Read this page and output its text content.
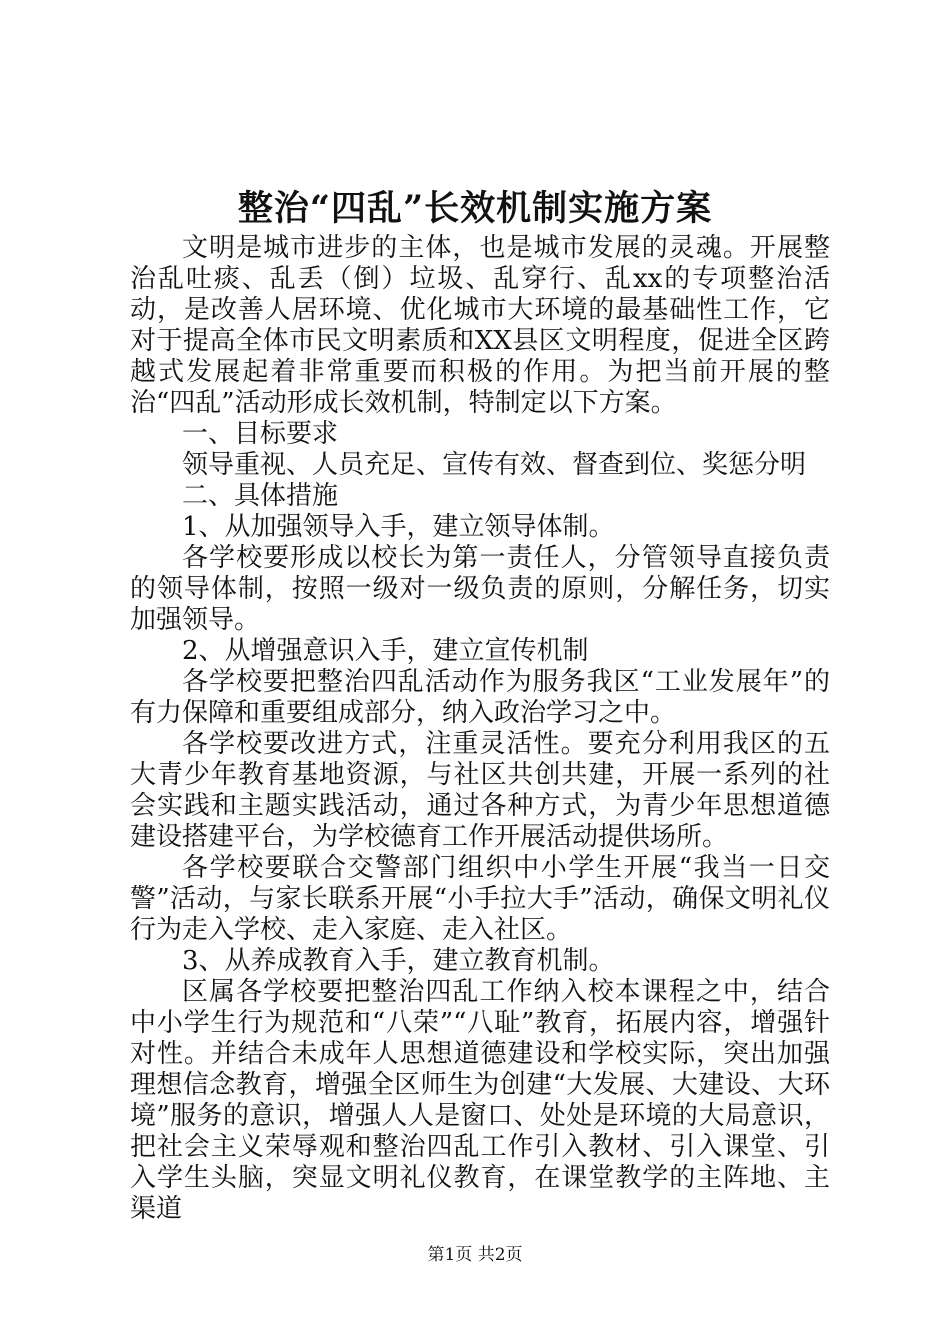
整治“四乱”长效机制实施方案

文明是城市进步的主体，也是城市发展的灵魂。开展整治乱吐痰、乱丢（倒）垃圾、乱穿行、乱xx的专项整治活动，是改善人居环境、优化城市大环境的最基础性工作，它对于提高全体市民文明素质和XX县区文明程度，促进全区跨越式发展起着非常重要而积极的作用。为把当前开展的整治“四乱”活动形成长效机制，特制定以下方案。

一、目标要求

领导重视、人员充足、宣传有效、督查到位、奖惩分明

二、具体措施

1、从加强领导入手，建立领导体制。

各学校要形成以校长为第一责任人，分管领导直接负责的领导体制，按照一级对一级负责的原则，分解任务，切实加强领导。

2、从增强意识入手，建立宣传机制

各学校要把整治四乱活动作为服务我区“工业发展年”的有力保障和重要组成部分，纳入政治学习之中。

各学校要改进方式，注重灵活性。要充分利用我区的五大青少年教育基地资源，与社区共创共建，开展一系列的社会实践和主题实践活动，通过各种方式，为青少年思想道德建设搭建平台，为学校德育工作开展活动提供场所。

各学校要联合交警部门组织中小学生开展“我当一日交警”活动，与家长联系开展“小手拉大手”活动，确保文明礼仪行为走入学校、走入家庭、走入社区。

3、从养成教育入手，建立教育机制。

区属各学校要把整治四乱工作纳入校本课程之中，结合中小学生行为规范和“八荣”“八耻”教育，拓展内容，增强针对性。并结合未成年人思想道德建设和学校实际，突出加强理想信念教育，增强全区师生为创建“大发展、大建设、大环境”服务的意识，增强人人是窗口、处处是环境的大局意识，把社会主义荣辱观和整治四乱工作引入教材、引入课堂、引入学生头脑，突显文明礼仪教育，在课堂教学的主阵地、主渠道

第1页 共2页
